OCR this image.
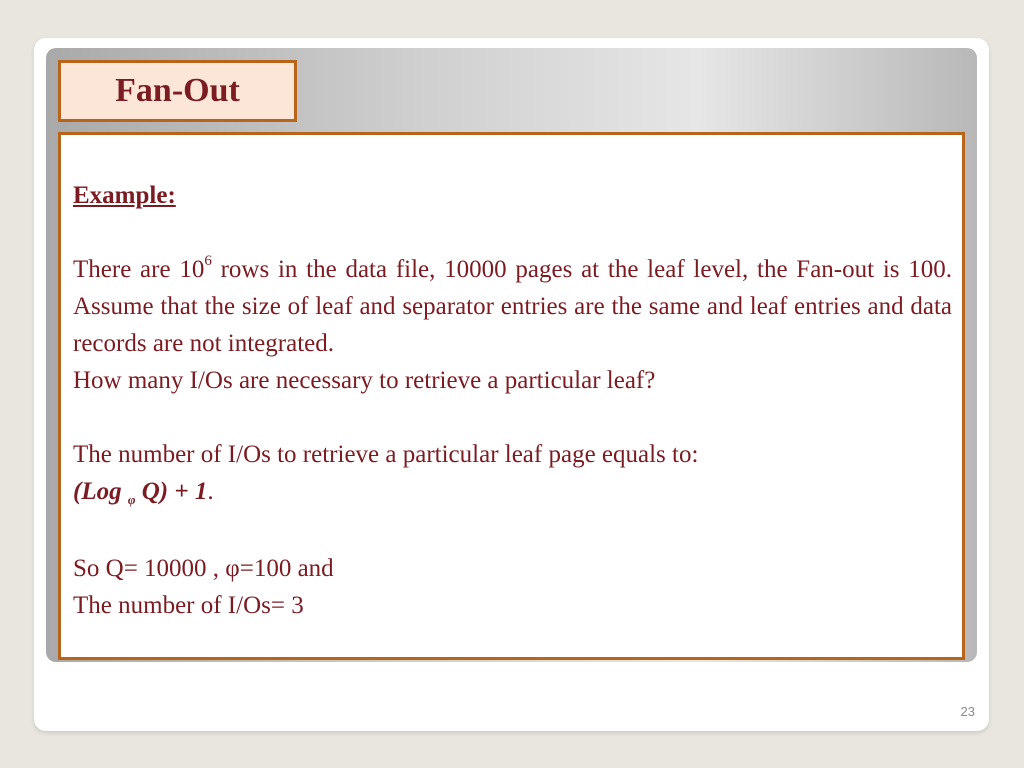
Fan-Out
Example:
There are $10^6$ rows in the data file, 10000 pages at the leaf level, the Fan-out is 100. Assume that the size of leaf and separator entries are the same and leaf entries and data records are not integrated.
How many I/Os are necessary to retrieve a particular leaf?
The number of I/Os to retrieve a particular leaf page equals to:
(Log $_\varphi$ Q) + 1.
So Q= 10000 , φ=100 and
The number of I/Os= 3
23
